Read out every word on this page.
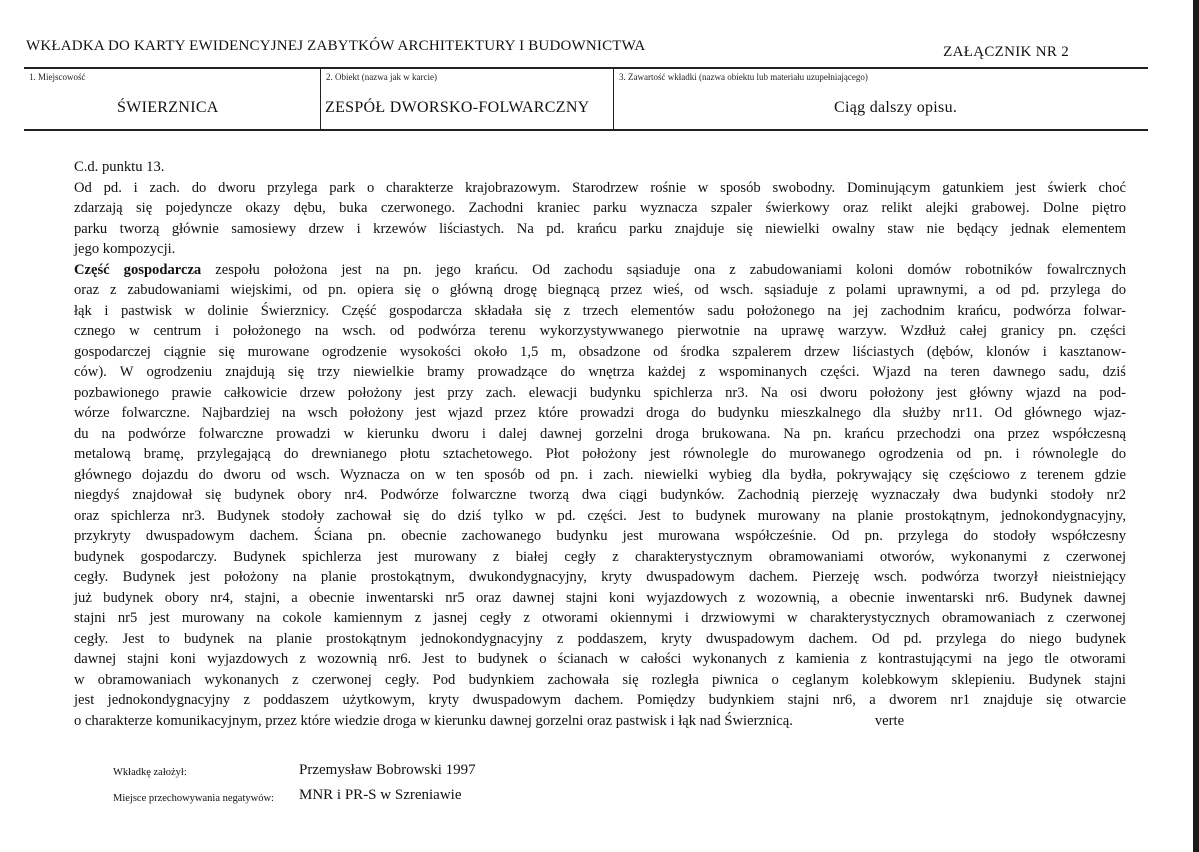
WKŁADKA DO KARTY EWIDENCYJNEJ ZABYTKÓW ARCHITEKTURY I BUDOWNICTWA	ZAŁĄCZNIK NR 2
1. Miejscowość
ŚWIERZNICA
2. Obiekt (nazwa jak w karcie)
ZESPÓŁ DWORSKO-FOLWARCZNY
3. Zawartość wkładki (nazwa obiektu lub materiału uzupełniającego)
Ciąg dalszy opisu.
C.d. punktu 13.
Od pd. i zach. do dworu przylega park o charakterze krajobrazowym. Starodrzew rośnie w sposób swobodny. Dominującym gatunkiem jest świerk choć
zdarzają się pojedyncze okazy dębu, buka czerwonego. Zachodni kraniec parku wyznacza szpaler świerkowy oraz relikt alejki grabowej. Dolne piętro
parku tworzą głównie samosiewy drzew i krzewów liściastych. Na pd. krańcu parku znajduje się niewielki owalny staw nie będący jednak elementem
jego kompozycji.
Część gospodarcza zespołu położona jest na pn. jego krańcu. Od zachodu sąsiaduje ona z zabudowaniami koloni domów robotników fowalrcznych
oraz z zabudowaniami wiejskimi, od pn. opiera się o główną drogę biegnącą przez wieś, od wsch. sąsiaduje z polami uprawnymi, a od pd. przylega do
łąk i pastwisk w dolinie Świerznicy. Część gospodarcza składała się z trzech elementów sadu położonego na jej zachodnim krańcu, podwórza folwar-
cznego w centrum i położonego na wsch. od podwórza terenu wykorzystywwanego pierwotnie na uprawę warzyw. Wzdłuż całej granicy pn. części
gospodarczej ciągnie się murowane ogrodzenie wysokości około 1,5 m, obsadzone od środka szpalerem drzew liściastych (dębów, klonów i kasztanow-
ców). W ogrodzeniu znajdują się trzy niewielkie bramy prowadzące do wnętrza każdej z wspominanych części. Wjazd na teren dawnego sadu, dziś
pozbawionego prawie całkowicie drzew położony jest przy zach. elewacji budynku spichlerza nr3. Na osi dworu położony jest główny wjazd na pod-
wórze folwarczne. Najbardziej na wsch położony jest wjazd przez które prowadzi droga do budynku mieszkalnego dla służby nr11. Od głównego wjaz-
du na podwórze folwarczne prowadzi w kierunku dworu i dalej dawnej gorzelni droga brukowana. Na pn. krańcu przechodzi ona przez współczesną
metalową bramę, przylegającą do drewnianego płotu sztachetowego. Płot położony jest równolegle do murowanego ogrodzenia od pn. i równolegle do
głównego dojazdu do dworu od wsch. Wyznacza on w ten sposób od pn. i zach. niewielki wybieg dla bydła, pokrywający się częściowo z terenem gdzie
niegdyś znajdował się budynek obory nr4. Podwórze folwarczne tworzą dwa ciągi budynków. Zachodnią pierzeję wyznaczały dwa budynki stodoły nr2
oraz spichlerza nr3. Budynek stodoły zachował się do dziś tylko w pd. części. Jest to budynek murowany na planie prostokątnym, jednokondygnacyjny,
przykryty dwuspadowym dachem. Ściana pn. obecnie zachowanego budynku jest murowana współcześnie. Od pn. przylega do stodoły współczesny
budynek gospodarczy. Budynek spichlerza jest murowany z białej cegły z charakterystycznym obramowaniami otworów, wykonanymi z czerwonej
cegły. Budynek jest położony na planie prostokątnym, dwukondygnacyjny, kryty dwuspadowym dachem. Pierzeję wsch. podwórza tworzył nieistniejący
już budynek obory nr4, stajni, a obecnie inwentarski nr5 oraz dawnej stajni koni wyjazdowych z wozownią, a obecnie inwentarski nr6. Budynek dawnej
stajni nr5 jest murowany na cokole kamiennym z jasnej cegły z otworami okiennymi i drzwiowymi w charakterystycznych obramowaniach z czerwonej
cegły. Jest to budynek na planie prostokątnym jednokondygnacyjny z poddaszem, kryty dwuspadowym dachem. Od pd. przylega do niego budynek
dawnej stajni koni wyjazdowych z wozownią nr6. Jest to budynek o ścianach w całości wykonanych z kamienia z kontrastującymi na jego tle otworami
w obramowaniach wykonanych z czerwonej cegły. Pod budynkiem zachowała się rozległa piwnica o ceglanym kolebkowym sklepieniu. Budynek stajni
jest jednokondygnacyjny z poddaszem użytkowym, kryty dwuspadowym dachem. Pomiędzy budynkiem stajni nr6, a dworem nr1 znajduje się otwarcie
o charakterze komunikacyjnym, przez które wiedzie droga w kierunku dawnej gorzelni oraz pastwisk i łąk nad Świerznicą.	verte
Wkładkę założył:	Przemysław Bobrowski 1997
Miejsce przechowywania negatywów: MNR i PR-S w Szreniawie
